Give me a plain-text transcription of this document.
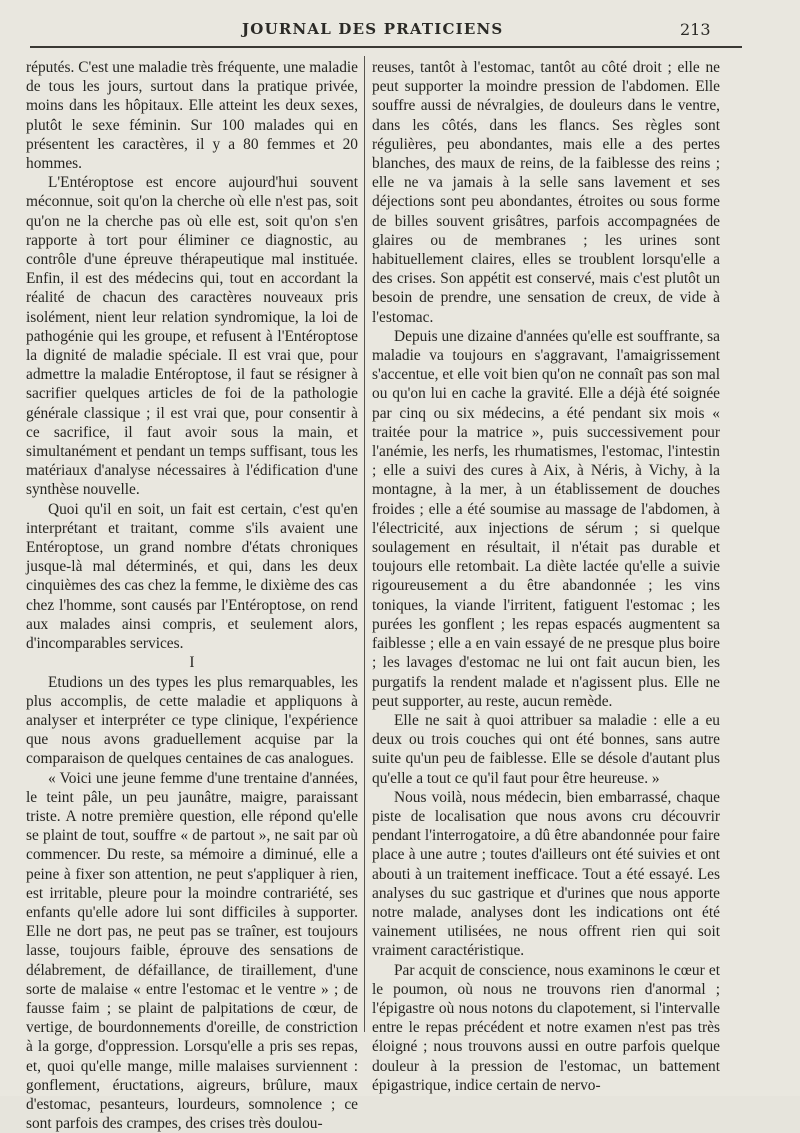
JOURNAL DES PRATICIENS	213

réputés. C'est une maladie très fréquente, une maladie de tous les jours, surtout dans la pratique privée, moins dans les hôpitaux. Elle atteint les deux sexes, plutôt le sexe féminin. Sur 100 malades qui en présentent les caractères, il y a 80 femmes et 20 hommes.

L'Entéroptose est encore aujourd'hui souvent méconnue, soit qu'on la cherche où elle n'est pas, soit qu'on ne la cherche pas où elle est, soit qu'on s'en rapporte à tort pour éliminer ce diagnostic, au contrôle d'une épreuve thérapeutique mal instituée. Enfin, il est des médecins qui, tout en accordant la réalité de chacun des caractères nouveaux pris isolément, nient leur relation syndromique, la loi de pathogénie qui les groupe, et refusent à l'Entéroptose la dignité de maladie spéciale. Il est vrai que, pour admettre la maladie Entéroptose, il faut se résigner à sacrifier quelques articles de foi de la pathologie générale classique ; il est vrai que, pour consentir à ce sacrifice, il faut avoir sous la main, et simultanément et pendant un temps suffisant, tous les matériaux d'analyse nécessaires à l'édification d'une synthèse nouvelle.

Quoi qu'il en soit, un fait est certain, c'est qu'en interprétant et traitant, comme s'ils avaient une Entéroptose, un grand nombre d'états chroniques jusque-là mal déterminés, et qui, dans les deux cinquièmes des cas chez la femme, le dixième des cas chez l'homme, sont causés par l'Entéroptose, on rend aux malades ainsi compris, et seulement alors, d'incomparables services.

I

Etudions un des types les plus remarquables, les plus accomplis, de cette maladie et appliquons à analyser et interpréter ce type clinique, l'expérience que nous avons graduellement acquise par la comparaison de quelques centaines de cas analogues.

« Voici une jeune femme d'une trentaine d'années, le teint pâle, un peu jaunâtre, maigre, paraissant triste. A notre première question, elle répond qu'elle se plaint de tout, souffre « de partout », ne sait par où commencer. Du reste, sa mémoire a diminué, elle a peine à fixer son attention, ne peut s'appliquer à rien, est irritable, pleure pour la moindre contrariété, ses enfants qu'elle adore lui sont difficiles à supporter. Elle ne dort pas, ne peut pas se traîner, est toujours lasse, toujours faible, éprouve des sensations de délabrement, de défaillance, de tiraillement, d'une sorte de malaise « entre l'estomac et le ventre » ; de fausse faim ; se plaint de palpitations de cœur, de vertige, de bourdonnements d'oreille, de constriction à la gorge, d'oppression. Lorsqu'elle a pris ses repas, et, quoi qu'elle mange, mille malaises surviennent : gonflement, éructations, aigreurs, brûlure, maux d'estomac, pesanteurs, lourdeurs, somnolence ; ce sont parfois des crampes, des crises très doulou-

reuses, tantôt à l'estomac, tantôt au côté droit ; elle ne peut supporter la moindre pression de l'abdomen. Elle souffre aussi de névralgies, de douleurs dans le ventre, dans les côtés, dans les flancs. Ses règles sont régulières, peu abondantes, mais elle a des pertes blanches, des maux de reins, de la faiblesse des reins ; elle ne va jamais à la selle sans lavement et ses déjections sont peu abondantes, étroites ou sous forme de billes souvent grisâtres, parfois accompagnées de glaires ou de membranes ; les urines sont habituellement claires, elles se troublent lorsqu'elle a des crises. Son appétit est conservé, mais c'est plutôt un besoin de prendre, une sensation de creux, de vide à l'estomac.

Depuis une dizaine d'années qu'elle est souffrante, sa maladie va toujours en s'aggravant, l'amaigrissement s'accentue, et elle voit bien qu'on ne connaît pas son mal ou qu'on lui en cache la gravité. Elle a déjà été soignée par cinq ou six médecins, a été pendant six mois « traitée pour la matrice », puis successivement pour l'anémie, les nerfs, les rhumatismes, l'estomac, l'intestin ; elle a suivi des cures à Aix, à Néris, à Vichy, à la montagne, à la mer, à un établissement de douches froides ; elle a été soumise au massage de l'abdomen, à l'électricité, aux injections de sérum ; si quelque soulagement en résultait, il n'était pas durable et toujours elle retombait. La diète lactée qu'elle a suivie rigoureusement a du être abandonnée ; les vins toniques, la viande l'irritent, fatiguent l'estomac ; les purées les gonflent ; les repas espacés augmentent sa faiblesse ; elle a en vain essayé de ne presque plus boire ; les lavages d'estomac ne lui ont fait aucun bien, les purgatifs la rendent malade et n'agissent plus. Elle ne peut supporter, au reste, aucun remède.

Elle ne sait à quoi attribuer sa maladie : elle a eu deux ou trois couches qui ont été bonnes, sans autre suite qu'un peu de faiblesse. Elle se désole d'autant plus qu'elle a tout ce qu'il faut pour être heureuse. »

Nous voilà, nous médecin, bien embarrassé, chaque piste de localisation que nous avons cru découvrir pendant l'interrogatoire, a dû être abandonnée pour faire place à une autre ; toutes d'ailleurs ont été suivies et ont abouti à un traitement inefficace. Tout a été essayé. Les analyses du suc gastrique et d'urines que nous apporte notre malade, analyses dont les indications ont été vainement utilisées, ne nous offrent rien qui soit vraiment caractéristique.

Par acquit de conscience, nous examinons le cœur et le poumon, où nous ne trouvons rien d'anormal ; l'épigastre où nous notons du clapotement, si l'intervalle entre le repas précédent et notre examen n'est pas très éloigné ; nous trouvons aussi en outre parfois quelque douleur à la pression de l'estomac, un battement épigastrique, indice certain de nervo-
